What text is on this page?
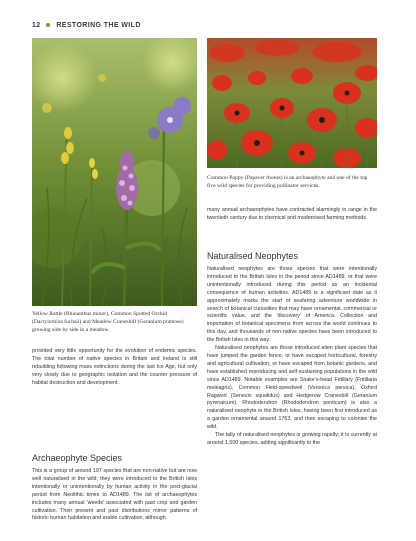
12 RESTORING THE WILD
Yellow Rattle (Rhinanthus minor), Common Spotted Orchid (Dactylorhiza fuchsii) and Meadow Cranesbill (Geranium pratense) growing side by side in a meadow.
Common Poppy (Papaver rhoeas) is an archaeophyte and one of the top five wild species for providing pollinator services.

provided very little opportunity for the evolution of endemic species. The total number of native species in Britain and Ireland is still rebuilding following mass extinctions during the last Ice Age, but only very slowly due to geographic isolation and the counter pressure of habitat destruction and development.

Archaeophyte Species

This is a group of around 197 species that are non-native but are now well naturalised in the wild; they were introduced to the British Isles intentionally or unintentionally by human activity in the post-glacial period from Neolithic times to AD1489. The list of archaeophytes includes many annual 'weeds' associated with past crop and garden cultivation. Their present and past distributions mirror patterns of historic human habitation and arable cultivation, although

many annual archaeophytes have contracted alarmingly in range in the twentieth century due to chemical and modernised farming methods.

Naturalised Neophytes

Naturalised neophytes are those species that were intentionally introduced to the British Isles in the period since AD1489, or that were unintentionally introduced during this period as an incidental consequence of human activities. AD1489 is a significant date as it approximately marks the start of seafaring adventure worldwide in search of botanical curiosities that may have ornamental, commercial or scientific value, and the 'discovery' of America. Collection and importation of botanical specimens from across the world continues to this day, and thousands of non-native species have been introduced to the British Isles in this way.

Naturalised neophytes are those introduced alien plant species that have jumped the garden fence, or have escaped horticultural, forestry and agricultural cultivation, or have escaped from botanic gardens, and have established reproducing and self-sustaining populations in the wild since AD1489. Notable examples are Snake's-head Fritillary (Fritillaria meleagris), Common Field-speedwell (Veronica persica), Oxford Ragwort (Senecio squalidus) and Hedgerow Cranesbill (Geranium pyrenaicum). Rhododendron (Rhododendron ponticum) is also a naturalised neophyte in the British Isles, having been first introduced as a garden ornamental around 1763, and then escaping to colonise the wild.

The tally of naturalised neophytes is growing rapidly; it is currently at around 1,500 species, adding significantly to the
